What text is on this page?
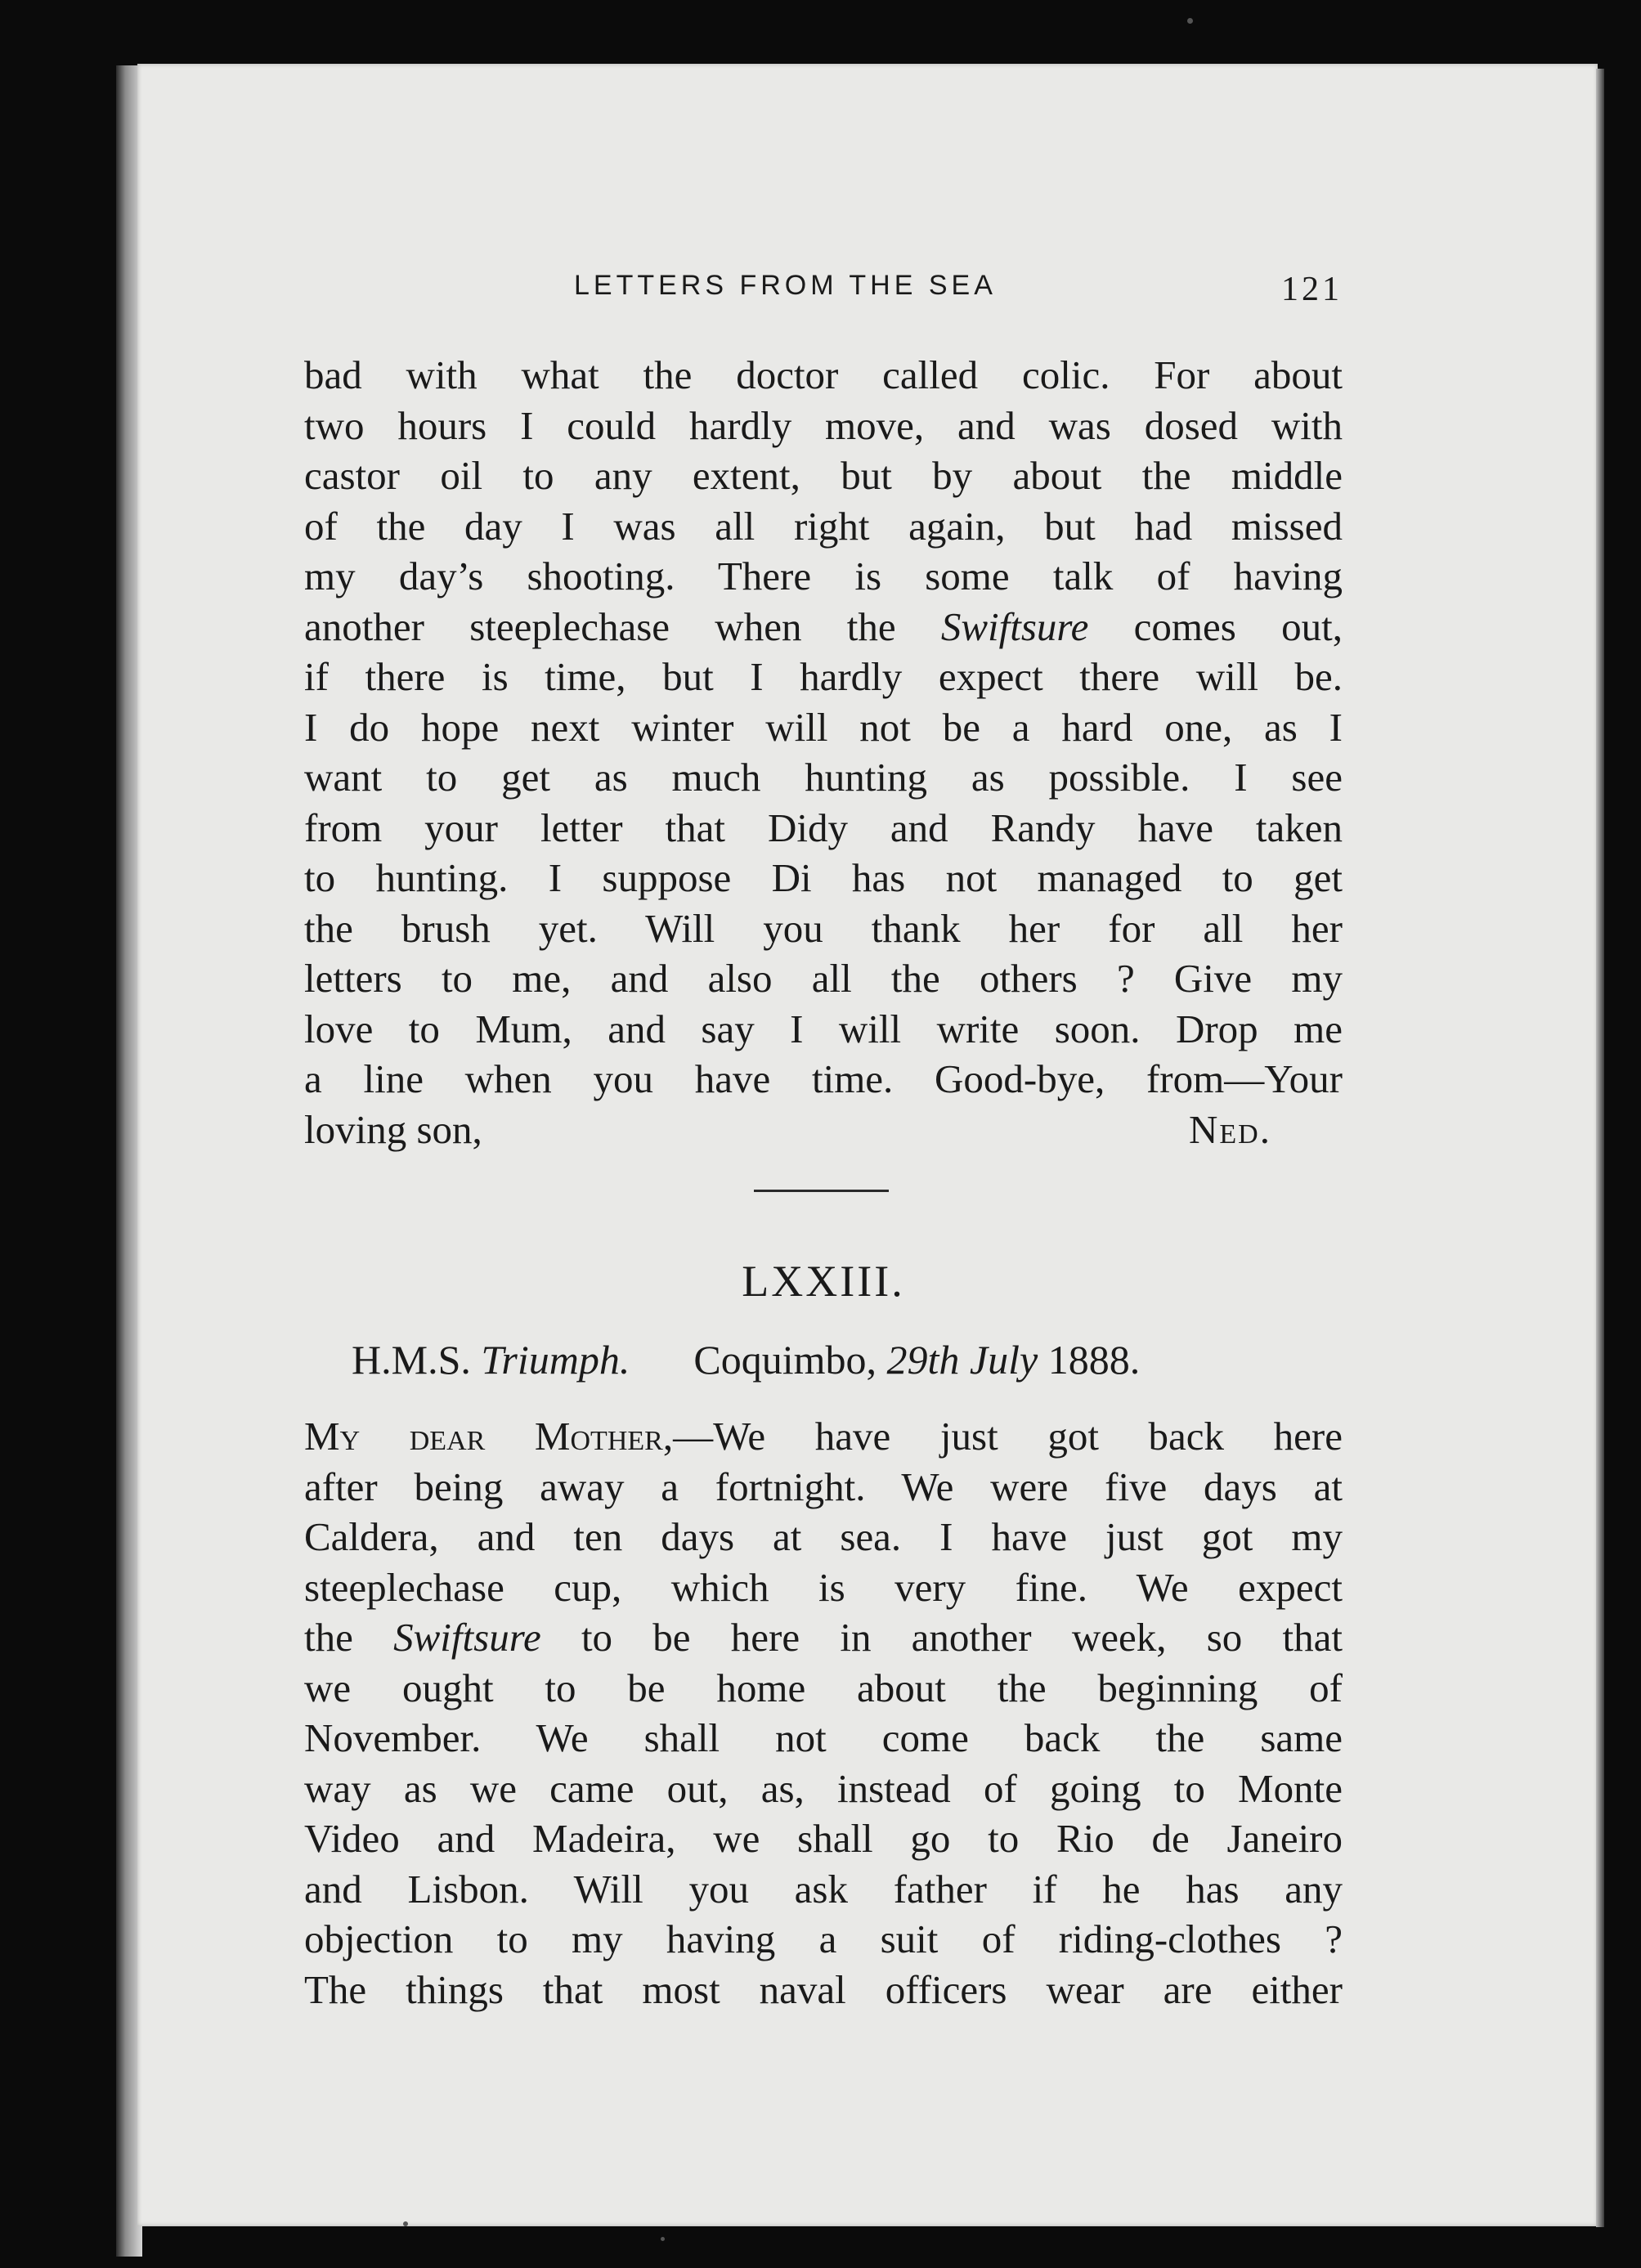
LETTERS FROM THE SEA	121
bad with what the doctor called colic. For about
two hours I could hardly move, and was dosed with
castor oil to any extent, but by about the middle
of the day I was all right again, but had missed
my day’s shooting. There is some talk of having
another steeplechase when the Swiftsure comes out,
if there is time, but I hardly expect there will be.
I do hope next winter will not be a hard one, as I
want to get as much hunting as possible. I see
from your letter that Didy and Randy have taken
to hunting. I suppose Di has not managed to get
the brush yet. Will you thank her for all her
letters to me, and also all the others ? Give my
love to Mum, and say I will write soon. Drop me
a line when you have time. Good-bye, from—Your
loving son,	Ned.
LXXIII.
H.M.S. Triumph. Coquimbo, 29th July 1888.
My dear Mother,—We have just got back here
after being away a fortnight. We were five days at
Caldera, and ten days at sea. I have just got my
steeplechase cup, which is very fine. We expect
the Swiftsure to be here in another week, so that
we ought to be home about the beginning of
November. We shall not come back the same
way as we came out, as, instead of going to Monte
Video and Madeira, we shall go to Rio de Janeiro
and Lisbon. Will you ask father if he has any
objection to my having a suit of riding-clothes ?
The things that most naval officers wear are either
